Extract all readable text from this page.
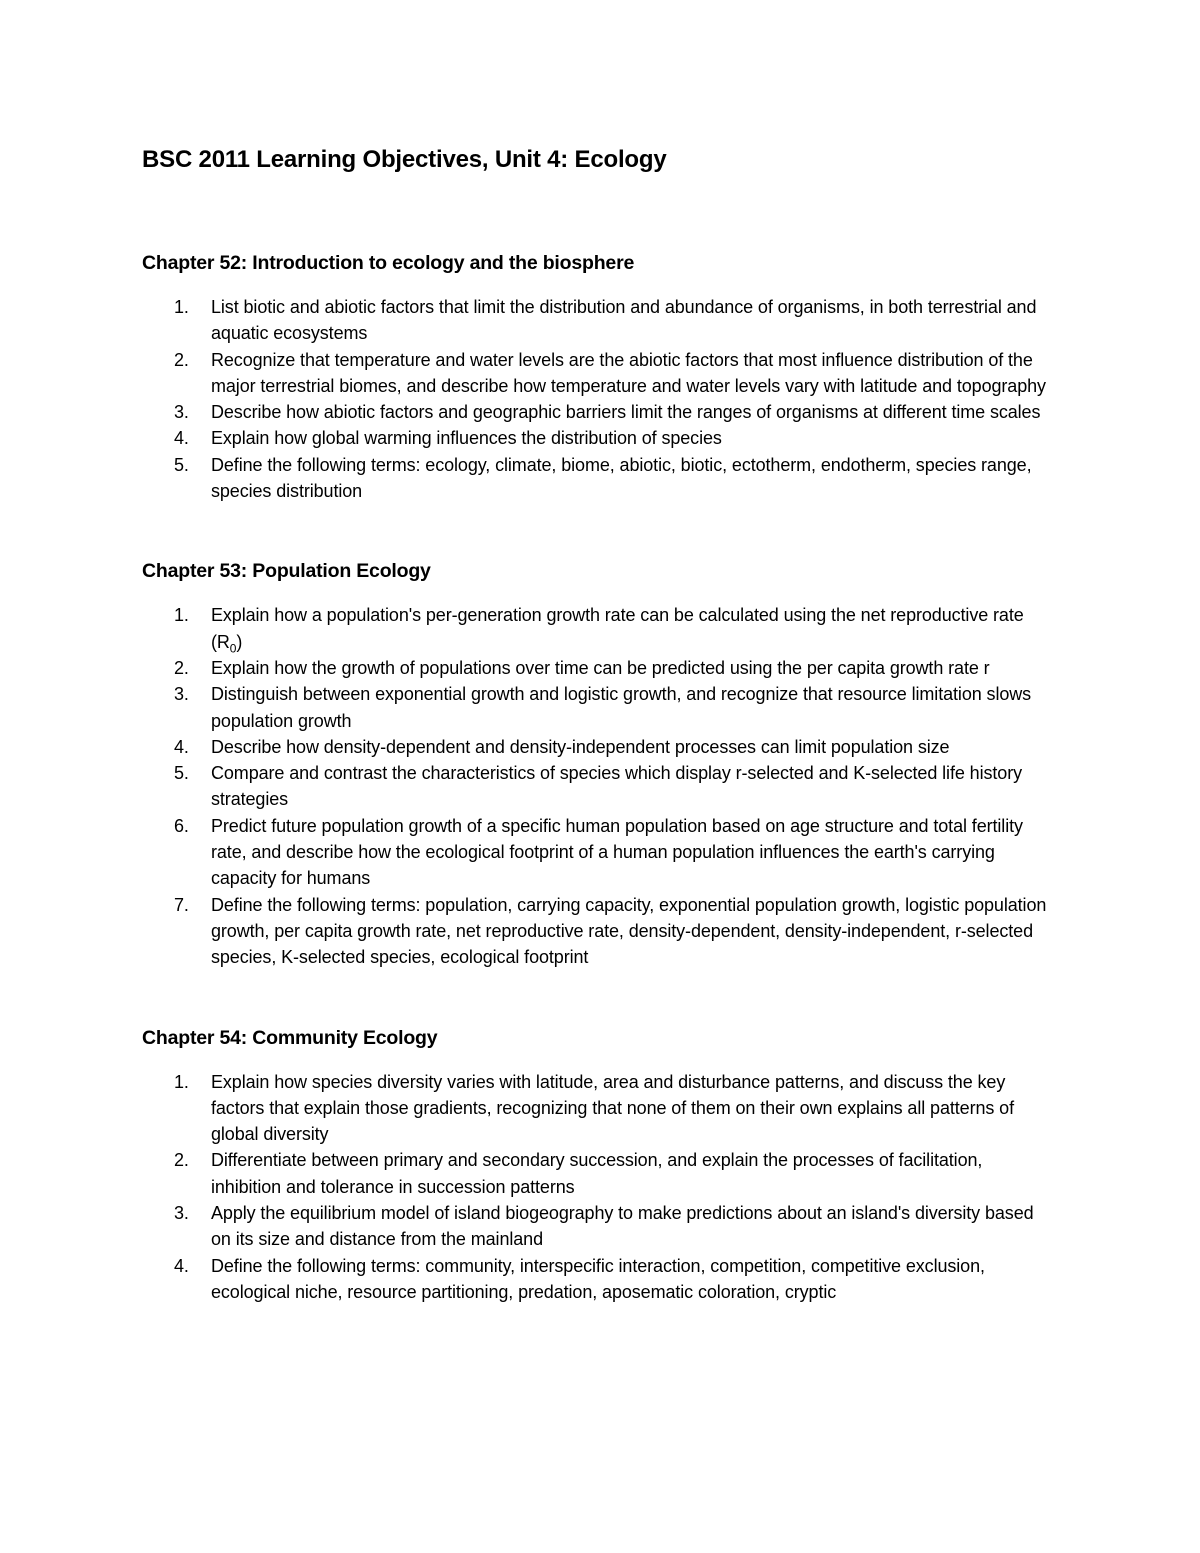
BSC 2011 Learning Objectives, Unit 4: Ecology
Chapter 52: Introduction to ecology and the biosphere
1.	List biotic and abiotic factors that limit the distribution and abundance of organisms, in both terrestrial and aquatic ecosystems
2.	Recognize that temperature and water levels are the abiotic factors that most influence distribution of the major terrestrial biomes, and describe how temperature and water levels vary with latitude and topography
3.	Describe how abiotic factors and geographic barriers limit the ranges of organisms at different time scales
4.	Explain how global warming influences the distribution of species
5.	Define the following terms: ecology, climate, biome, abiotic, biotic, ectotherm, endotherm, species range, species distribution
Chapter 53: Population Ecology
1.	Explain how a population's per-generation growth rate can be calculated using the net reproductive rate $(R_0)$
2.	Explain how the growth of populations over time can be predicted using the per capita growth rate r
3.	Distinguish between exponential growth and logistic growth, and recognize that resource limitation slows population growth
4.	Describe how density-dependent and density-independent processes can limit population size
5.	Compare and contrast the characteristics of species which display r-selected and K-selected life history strategies
6.	Predict future population growth of a specific human population based on age structure and total fertility rate, and describe how the ecological footprint of a human population influences the earth's carrying capacity for humans
7.	Define the following terms: population, carrying capacity, exponential population growth, logistic population growth, per capita growth rate, net reproductive rate, density-dependent, density-independent, r-selected species, K-selected species, ecological footprint
Chapter 54: Community Ecology
1.	Explain how species diversity varies with latitude, area and disturbance patterns, and discuss the key factors that explain those gradients, recognizing that none of them on their own explains all patterns of global diversity
2.	Differentiate between primary and secondary succession, and explain the processes of facilitation, inhibition and tolerance in succession patterns
3.	Apply the equilibrium model of island biogeography to make predictions about an island's diversity based on its size and distance from the mainland
4.	Define the following terms: community, interspecific interaction, competition, competitive exclusion, ecological niche, resource partitioning, predation, aposematic coloration, cryptic
